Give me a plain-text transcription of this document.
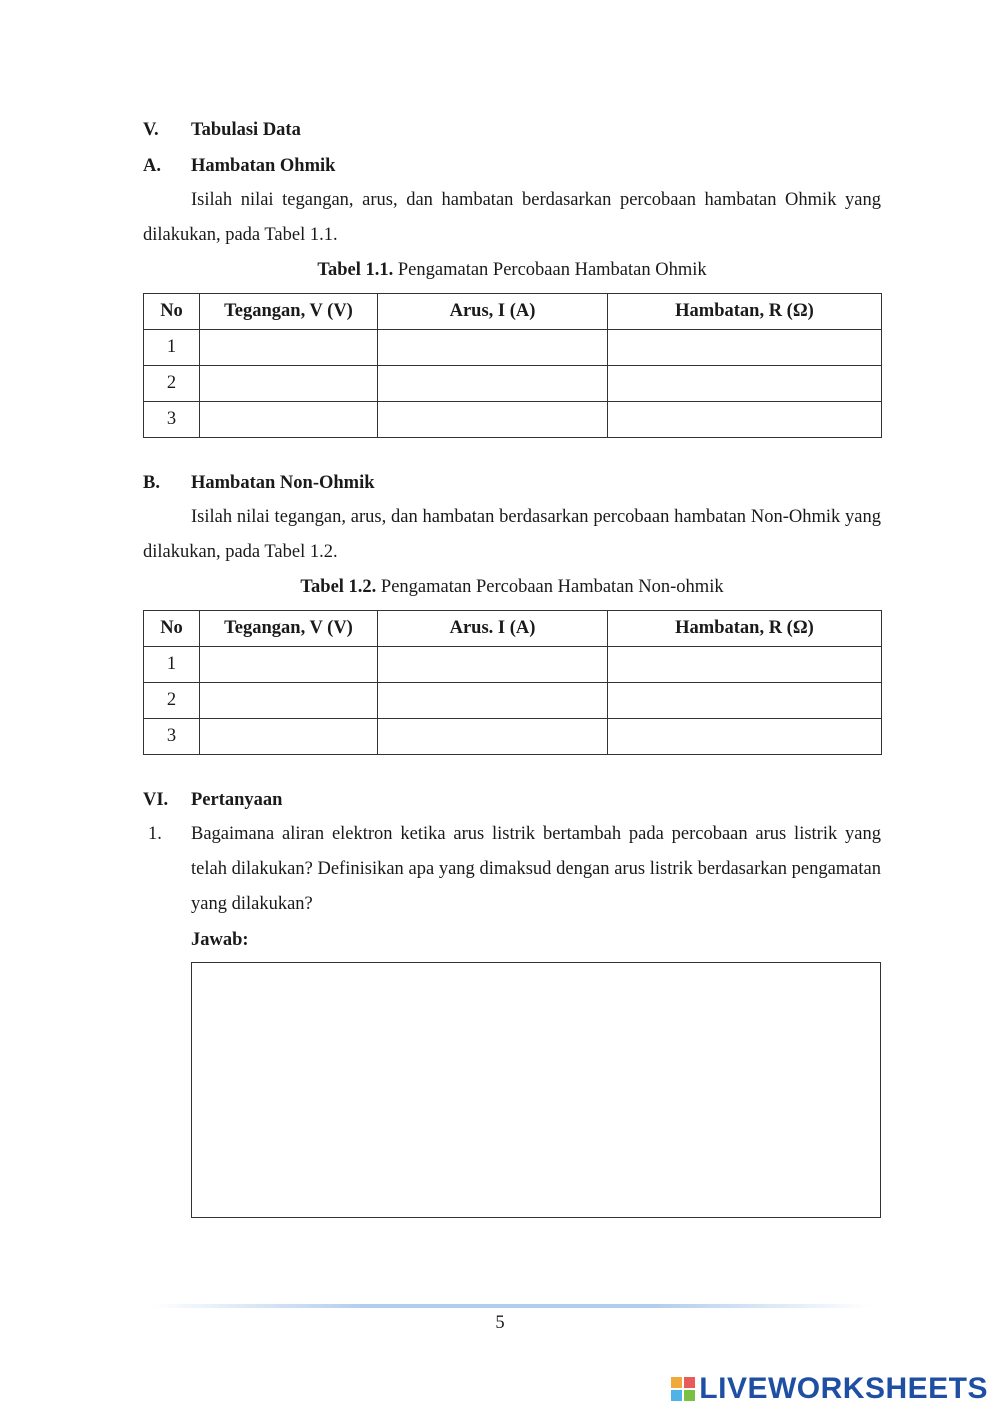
V. Tabulasi Data
A. Hambatan Ohmik
Isilah nilai tegangan, arus, dan hambatan berdasarkan percobaan hambatan Ohmik yang dilakukan, pada Tabel 1.1.
Tabel 1.1. Pengamatan Percobaan Hambatan Ohmik
No	Tegangan, V (V)	Arus, I (A)	Hambatan, R (Ω)
1			
2			
3			
B. Hambatan Non-Ohmik
Isilah nilai tegangan, arus, dan hambatan berdasarkan percobaan hambatan Non-Ohmik yang dilakukan, pada Tabel 1.2.
Tabel 1.2. Pengamatan Percobaan Hambatan Non-ohmik
No	Tegangan, V (V)	Arus. I (A)	Hambatan, R (Ω)
1			
2			
3			
VI. Pertanyaan
1. Bagaimana aliran elektron ketika arus listrik bertambah pada percobaan arus listrik yang telah dilakukan? Definisikan apa yang dimaksud dengan arus listrik berdasarkan pengamatan yang dilakukan?
Jawab:
5
LIVEWORKSHEETS
